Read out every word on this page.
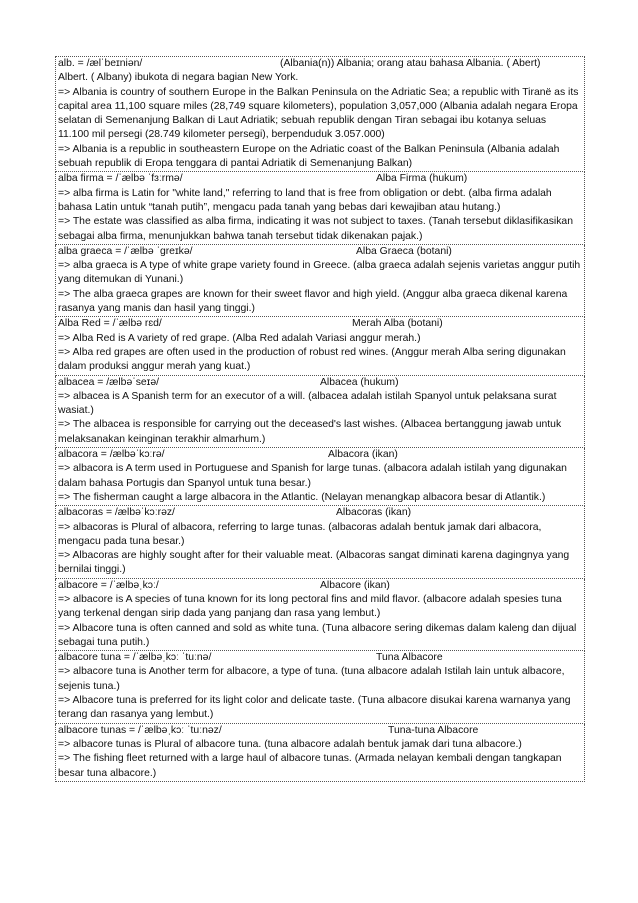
alb. = /ælˈbeɪniən/	(Albania(n)) Albania; orang atau bahasa Albania. ( Abert)

Albert. ( Albany) ibukota di negara bagian New York.

=> Albania is country of southern Europe in the Balkan Peninsula on the Adriatic Sea; a republic with Tiranë as its capital area 11,100 square miles (28,749 square kilometers), population 3,057,000 (Albania adalah negara Eropa selatan di Semenanjung Balkan di Laut Adriatik; sebuah republik dengan Tiran sebagai ibu kotanya seluas

11.100 mil persegi (28.749 kilometer persegi), berpenduduk 3.057.000)

=> Albania is a republic in southeastern Europe on the Adriatic coast of the Balkan Peninsula (Albania adalah sebuah republik di Eropa tenggara di pantai Adriatik di Semenanjung Balkan)

alba firma = /ˈælbə ˈfɜːrmə/	Alba Firma (hukum)

=> alba firma is Latin for "white land," referring to land that is free from obligation or debt. (alba firma adalah bahasa Latin untuk “tanah putih”, mengacu pada tanah yang bebas dari kewajiban atau hutang.)

=> The estate was classified as alba firma, indicating it was not subject to taxes. (Tanah tersebut diklasifikasikan sebagai alba firma, menunjukkan bahwa tanah tersebut tidak dikenakan pajak.)

alba graeca = /ˈælbə ˈɡreɪkə/	Alba Graeca (botani)

=> alba graeca is A type of white grape variety found in Greece. (alba graeca adalah sejenis varietas anggur putih yang ditemukan di Yunani.)

=> The alba graeca grapes are known for their sweet flavor and high yield. (Anggur alba graeca dikenal karena rasanya yang manis dan hasil yang tinggi.)

Alba Red = /ˈælbə rɛd/	Merah Alba (botani)

=> Alba Red is A variety of red grape. (Alba Red adalah Variasi anggur merah.)

=> Alba red grapes are often used in the production of robust red wines. (Anggur merah Alba sering digunakan dalam produksi anggur merah yang kuat.)

albacea = /ælbəˈseɪə/	Albacea (hukum)

=> albacea is A Spanish term for an executor of a will. (albacea adalah istilah Spanyol untuk pelaksana surat wasiat.)

=> The albacea is responsible for carrying out the deceased's last wishes. (Albacea bertanggung jawab untuk melaksanakan keinginan terakhir almarhum.)

albacora = /ælbəˈkɔːrə/	Albacora (ikan)

=> albacora is A term used in Portuguese and Spanish for large tunas. (albacora adalah istilah yang digunakan dalam bahasa Portugis dan Spanyol untuk tuna besar.)

=> The fisherman caught a large albacora in the Atlantic. (Nelayan menangkap albacora besar di Atlantik.)

albacoras = /ælbəˈkɔːrəz/	Albacoras (ikan)

=> albacoras is Plural of albacora, referring to large tunas. (albacoras adalah bentuk jamak dari albacora, mengacu pada tuna besar.)

=> Albacoras are highly sought after for their valuable meat. (Albacoras sangat diminati karena dagingnya yang bernilai tinggi.)

albacore = /ˈælbəˌkɔː/	Albacore (ikan)

=> albacore is A species of tuna known for its long pectoral fins and mild flavor. (albacore adalah spesies tuna yang terkenal dengan sirip dada yang panjang dan rasa yang lembut.)

=> Albacore tuna is often canned and sold as white tuna. (Tuna albacore sering dikemas dalam kaleng dan dijual sebagai tuna putih.)

albacore tuna = /ˈælbəˌkɔː ˈtuːnə/	Tuna Albacore

=> albacore tuna is Another term for albacore, a type of tuna. (tuna albacore adalah Istilah lain untuk albacore, sejenis tuna.)

=> Albacore tuna is preferred for its light color and delicate taste. (Tuna albacore disukai karena warnanya yang terang dan rasanya yang lembut.)

albacore tunas = /ˈælbəˌkɔː ˈtuːnəz/	Tuna-tuna Albacore

=> albacore tunas is Plural of albacore tuna. (tuna albacore adalah bentuk jamak dari tuna albacore.)

=> The fishing fleet returned with a large haul of albacore tunas. (Armada nelayan kembali dengan tangkapan besar tuna albacore.)
